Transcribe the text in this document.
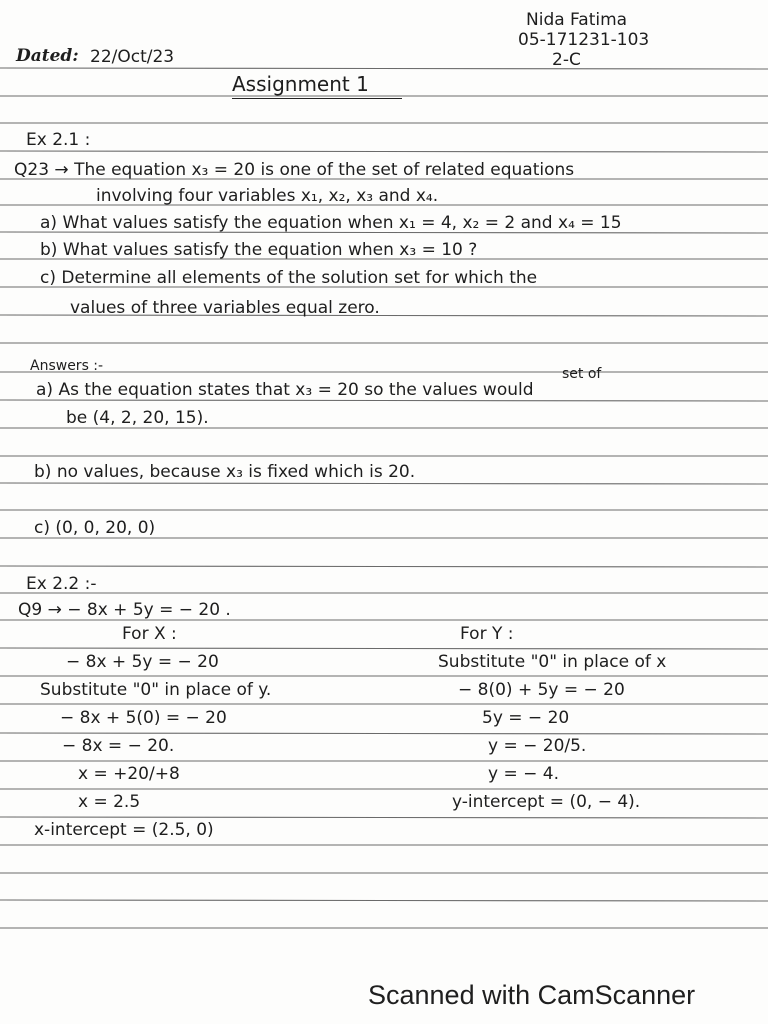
Nida Fatima
05-171231-103
2-C
Dated: 22/Oct/23
Assignment 1
Ex 2.1 :
Q23 → The equation x₃ = 20 is one of the set of related equations
involving four variables x₁, x₂, x₃ and x₄.
a) What values satisfy the equation when x₁ = 4, x₂ = 2 and x₄ = 15
b) What values satisfy the equation when x₃ = 10 ?
c) Determine all elements of the solution set for which the
values of three variables equal zero.
Answers :-	set of
a) As the equation states that x₃ = 20 so the values would
be (4, 2, 20, 15).
b) no values, because x₃ is fixed which is 20.
c) (0, 0, 20, 0)
Ex 2.2 :-
Q9 → − 8x + 5y = − 20 .
Scanned with CamScanner
For X :
− 8x + 5y = − 20
Substitute "0" in place of y.
− 8x + 5(0) = − 20
− 8x = − 20.
x = +20/+8
x = 2.5
x-intercept = (2.5, 0)
For Y :
Substitute "0" in place of x
− 8(0) + 5y = − 20
5y = − 20
y = − 20/5.
y = − 4.
y-intercept = (0, − 4).
